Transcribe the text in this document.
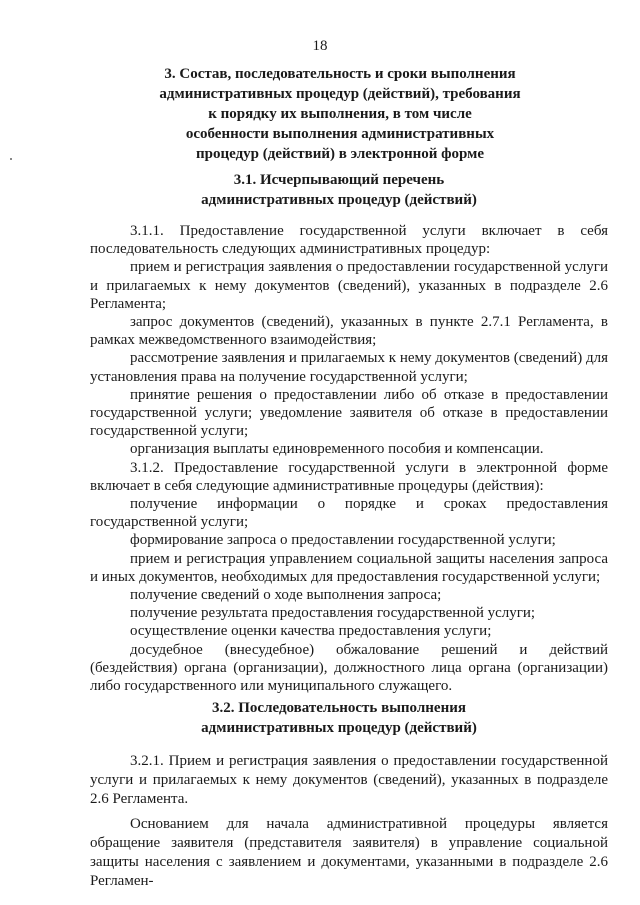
18
3. Состав, последовательность и сроки выполнения
административных процедур (действий), требования
к порядку их выполнения, в том числе
особенности выполнения административных
процедур (действий) в электронной форме
3.1. Исчерпывающий перечень
административных процедур (действий)

3.1.1. Предоставление государственной услуги включает в себя последовательность следующих административных процедур:

прием и регистрация заявления о предоставлении государственной услуги и прилагаемых к нему документов (сведений), указанных в подразделе 2.6 Регламента;

запрос документов (сведений), указанных в пункте 2.7.1 Регламента, в рамках межведомственного взаимодействия;

рассмотрение заявления и прилагаемых к нему документов (сведений) для установления права на получение государственной услуги;

принятие решения о предоставлении либо об отказе в предоставлении государственной услуги; уведомление заявителя об отказе в предоставлении государственной услуги;

организация выплаты единовременного пособия и компенсации.

3.1.2. Предоставление государственной услуги в электронной форме включает в себя следующие административные процедуры (действия):

получение информации о порядке и сроках предоставления государственной услуги;

формирование запроса о предоставлении государственной услуги;

прием и регистрация управлением социальной защиты населения запроса и иных документов, необходимых для предоставления государственной услуги;

получение сведений о ходе выполнения запроса;

получение результата предоставления государственной услуги;

осуществление оценки качества предоставления услуги;

досудебное (внесудебное) обжалование решений и действий (бездействия) органа (организации), должностного лица органа (организации) либо государственного или муниципального служащего.

3.2. Последовательность выполнения
административных процедур (действий)

3.2.1. Прием и регистрация заявления о предоставлении государственной услуги и прилагаемых к нему документов (сведений), указанных в подразделе 2.6 Регламента.

Основанием для начала административной процедуры является обращение заявителя (представителя заявителя) в управление социальной защиты населения с заявлением и документами, указанными в подразделе 2.6 Регламен-
